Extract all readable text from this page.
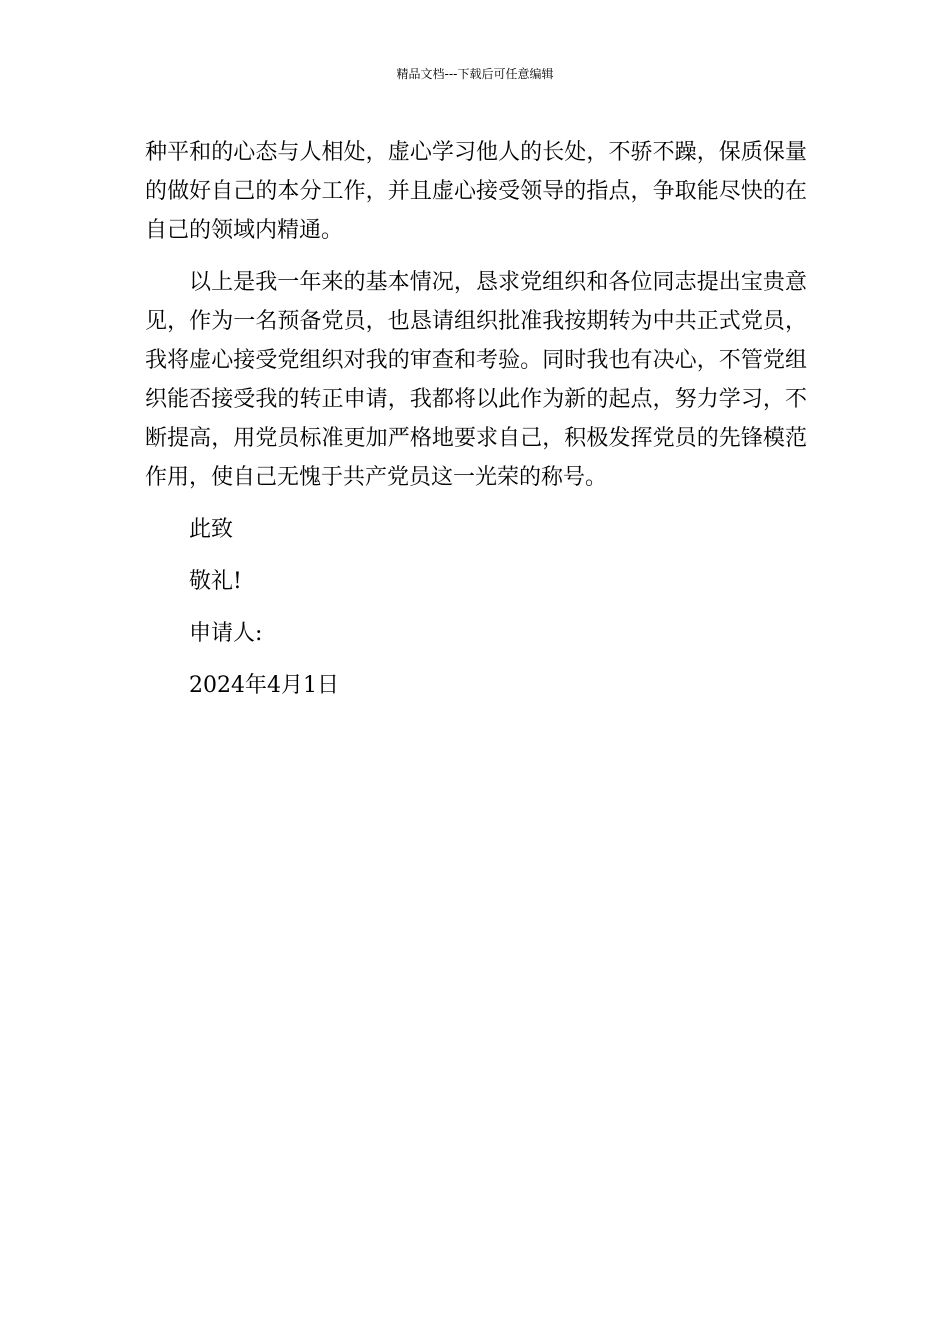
精品文档---下载后可任意编辑

种平和的心态与人相处，虚心学习他人的长处，不骄不躁，保质保量的做好自己的本分工作，并且虚心接受领导的指点，争取能尽快的在自己的领域内精通。

以上是我一年来的基本情况，恳求党组织和各位同志提出宝贵意见，作为一名预备党员，也恳请组织批准我按期转为中共正式党员，我将虚心接受党组织对我的审查和考验。同时我也有决心，不管党组织能否接受我的转正申请，我都将以此作为新的起点，努力学习，不断提高，用党员标准更加严格地要求自己，积极发挥党员的先锋模范作用，使自己无愧于共产党员这一光荣的称号。

此致
敬礼!
申请人:
2024年4月1日
